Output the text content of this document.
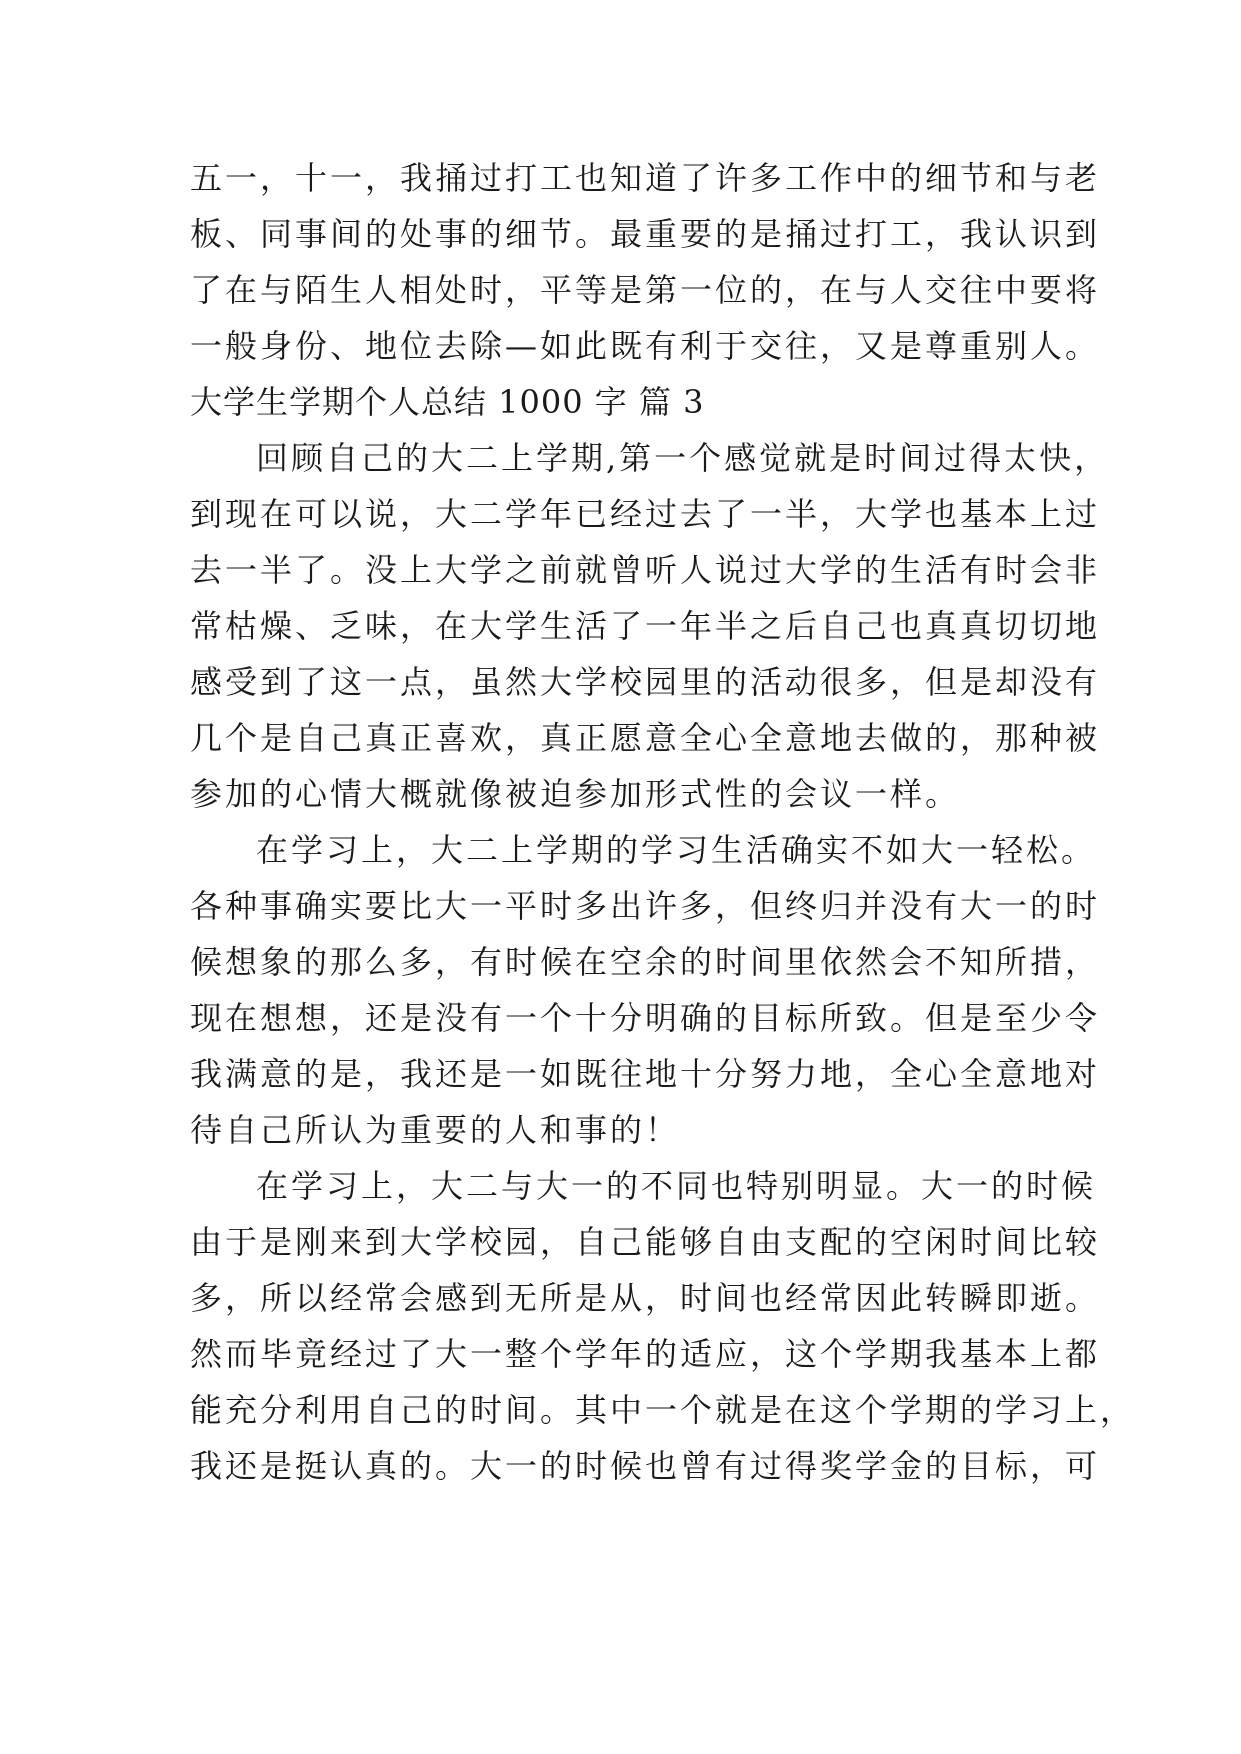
五一，十一，我捅过打工也知道了许多工作中的细节和与老
板、同事间的处事的细节。最重要的是捅过打工，我认识到
了在与陌生人相处时，平等是第一位的，在与人交往中要将
一般身份、地位去除—如此既有利于交往，又是尊重别人。
大学生学期个人总结 1000 字 篇 3
回顾自己的大二上学期,第一个感觉就是时间过得太快，
到现在可以说，大二学年已经过去了一半，大学也基本上过
去一半了。没上大学之前就曾听人说过大学的生活有时会非
常枯燥、乏味，在大学生活了一年半之后自己也真真切切地
感受到了这一点，虽然大学校园里的活动很多，但是却没有
几个是自己真正喜欢，真正愿意全心全意地去做的，那种被
参加的心情大概就像被迫参加形式性的会议一样。
在学习上，大二上学期的学习生活确实不如大一轻松。
各种事确实要比大一平时多出许多，但终归并没有大一的时
候想象的那么多，有时候在空余的时间里依然会不知所措，
现在想想，还是没有一个十分明确的目标所致。但是至少令
我满意的是，我还是一如既往地十分努力地，全心全意地对
待自己所认为重要的人和事的！
在学习上，大二与大一的不同也特别明显。大一的时候
由于是刚来到大学校园，自己能够自由支配的空闲时间比较
多，所以经常会感到无所是从，时间也经常因此转瞬即逝。
然而毕竟经过了大一整个学年的适应，这个学期我基本上都
能充分利用自己的时间。其中一个就是在这个学期的学习上，
我还是挺认真的。大一的时候也曾有过得奖学金的目标，可
